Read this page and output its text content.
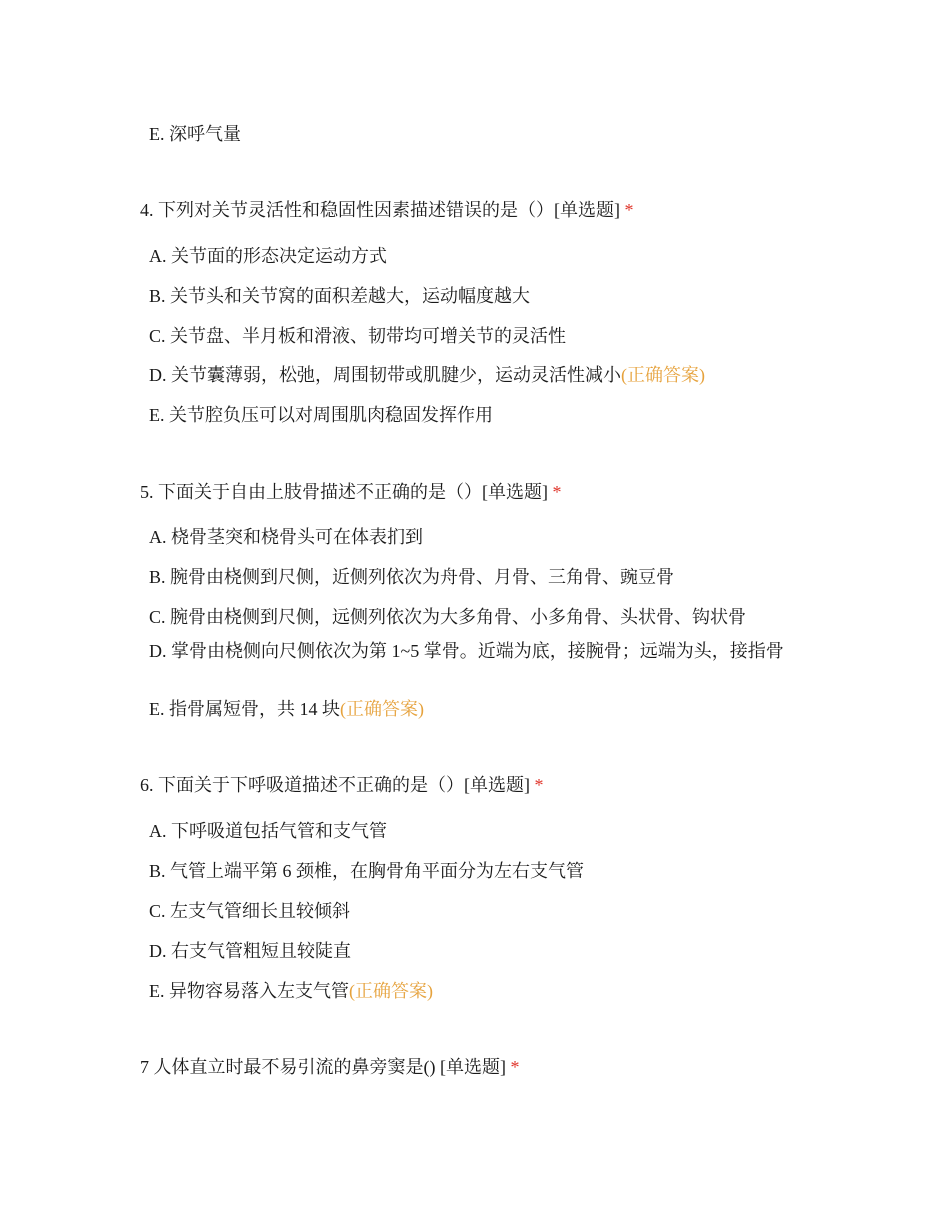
E. 深呼气量
4. 下列对关节灵活性和稳固性因素描述错误的是（）[单选题] *
A. 关节面的形态决定运动方式
B. 关节头和关节窝的面积差越大，运动幅度越大
C. 关节盘、半月板和滑液、韧带均可增关节的灵活性
D. 关节囊薄弱，松弛，周围韧带或肌腱少，运动灵活性减小(正确答案)
E. 关节腔负压可以对周围肌肉稳固发挥作用
5. 下面关于自由上肢骨描述不正确的是（）[单选题] *
A. 桡骨茎突和桡骨头可在体表扪到
B. 腕骨由桡侧到尺侧，近侧列依次为舟骨、月骨、三角骨、豌豆骨
C. 腕骨由桡侧到尺侧，远侧列依次为大多角骨、小多角骨、头状骨、钩状骨
D. 掌骨由桡侧向尺侧依次为第 1~5 掌骨。近端为底，接腕骨；远端为头，接指骨
E. 指骨属短骨，共 14 块(正确答案)
6. 下面关于下呼吸道描述不正确的是（）[单选题] *
A. 下呼吸道包括气管和支气管
B. 气管上端平第 6 颈椎，在胸骨角平面分为左右支气管
C. 左支气管细长且较倾斜
D. 右支气管粗短且较陡直
E. 异物容易落入左支气管(正确答案)
7 人体直立时最不易引流的鼻旁窦是() [单选题] *
